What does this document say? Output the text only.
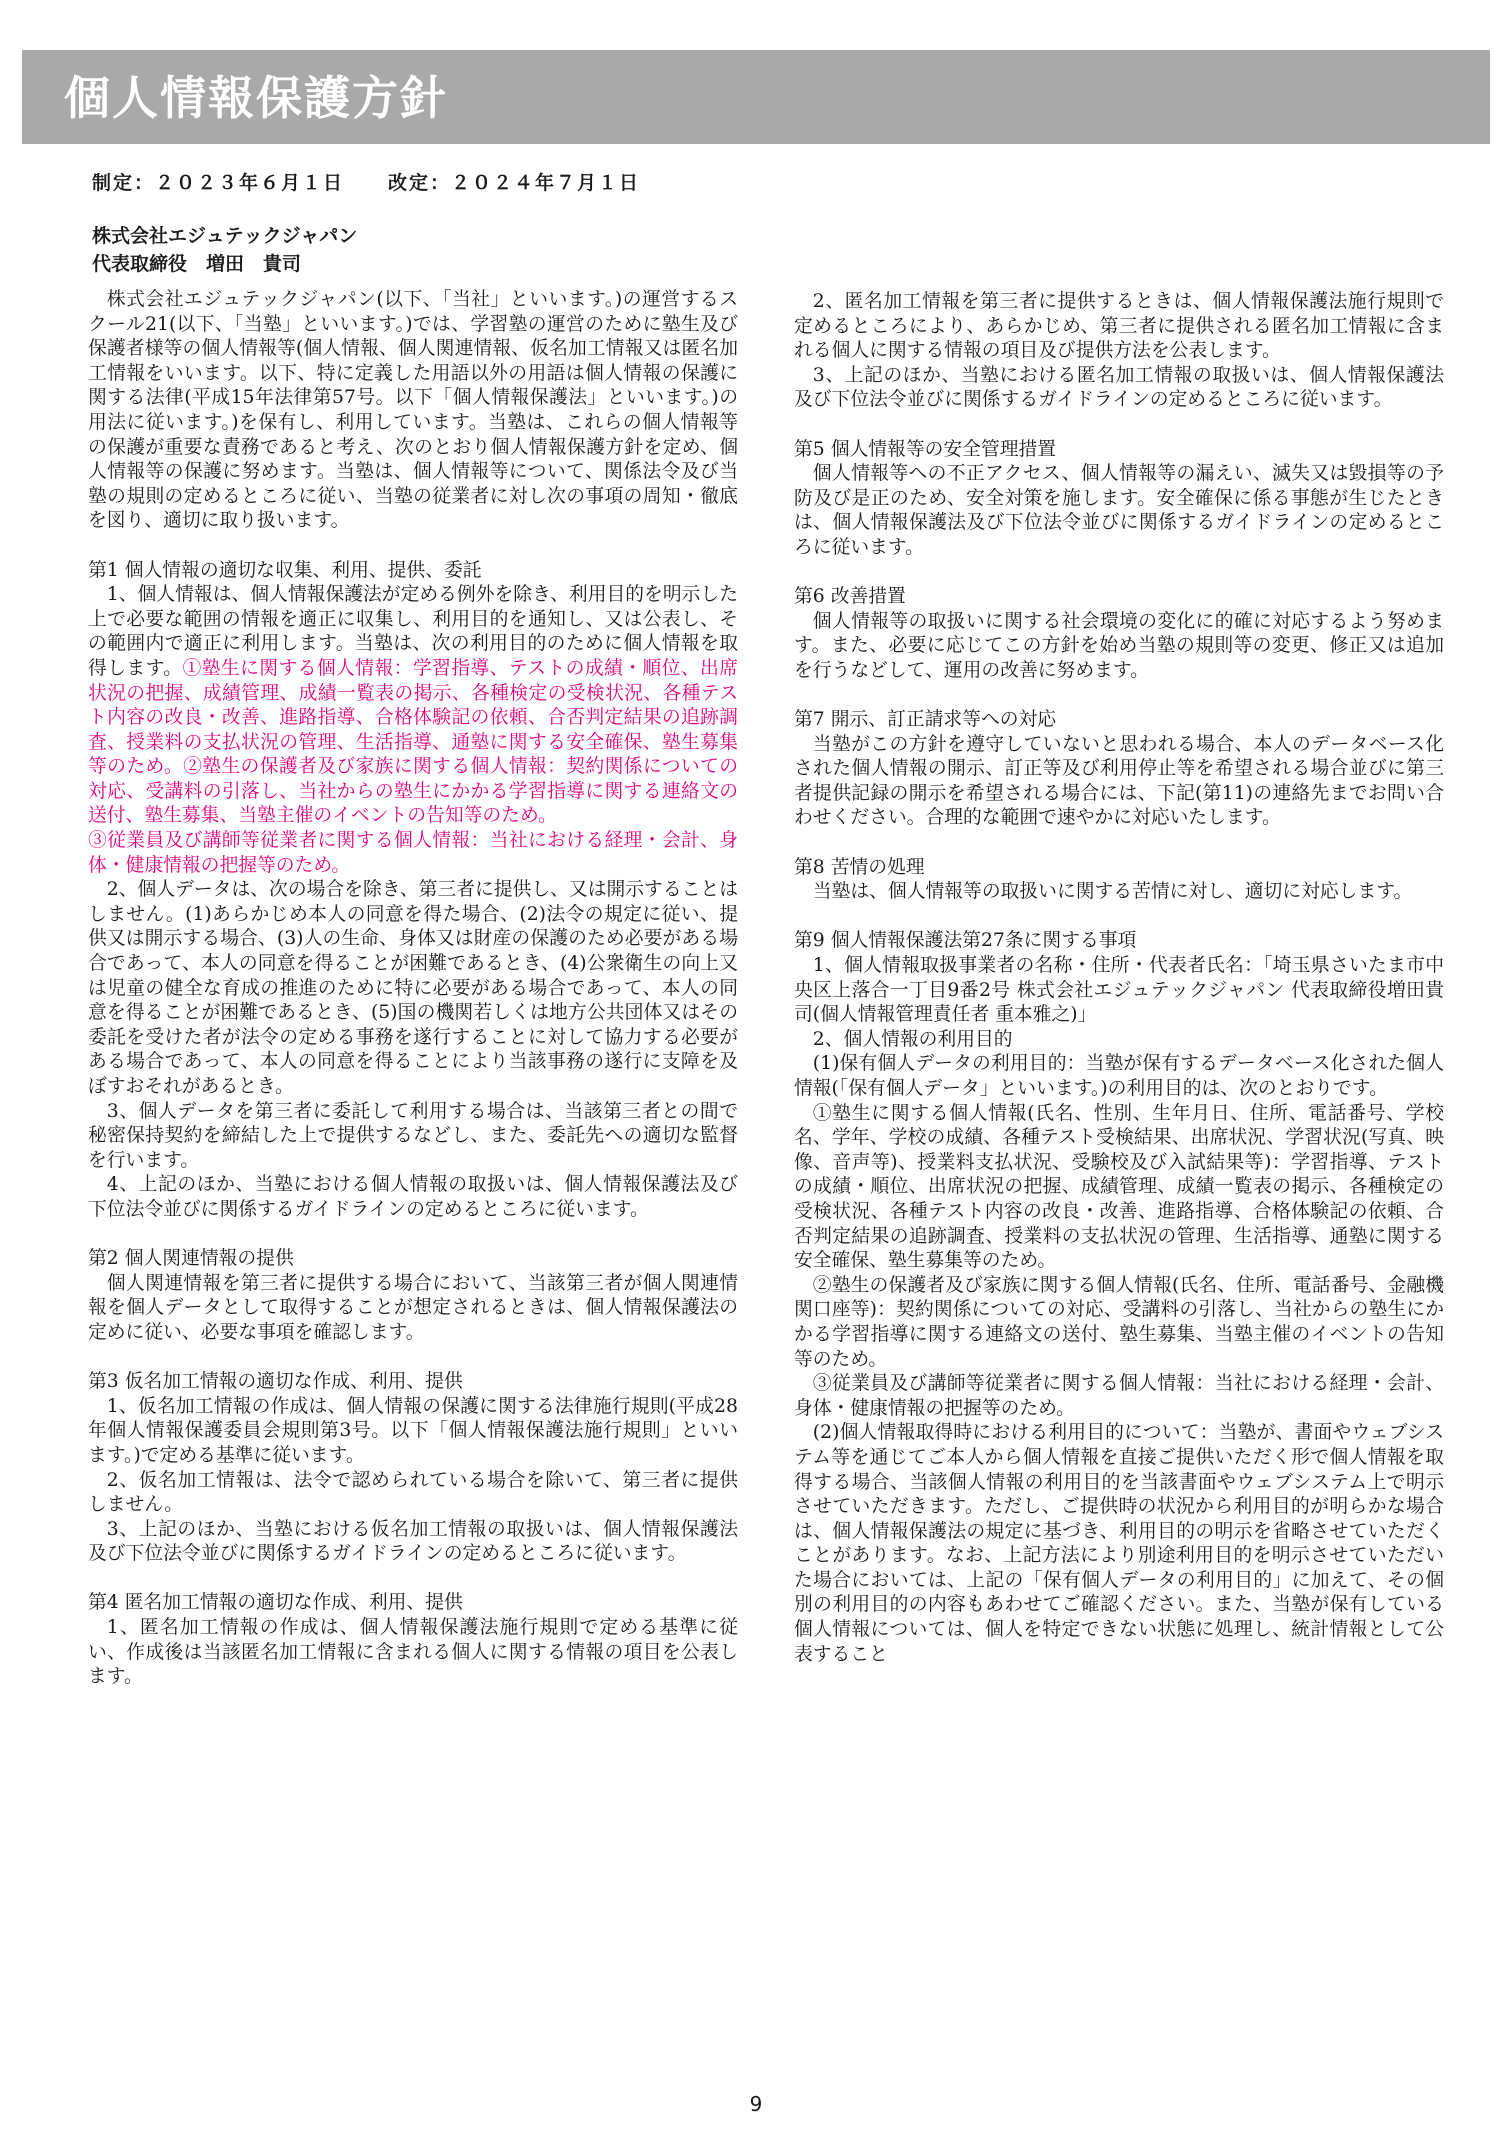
個人情報保護方針
制定：２０２３年６月１日 改定：２０２４年７月１日
株式会社エジュテックジャパン
代表取締役　増田　貴司

株式会社エジュテックジャパン(以下、「当社」といいます。)の運営するスクール21(以下、「当塾」といいます。)では、学習塾の運営のために塾生及び保護者様等の個人情報等(個人情報、個人関連情報、仮名加工情報又は匿名加工情報をいいます。以下、特に定義した用語以外の用語は個人情報の保護に関する法律(平成15年法律第57号。以下「個人情報保護法」といいます。)の用法に従います。)を保有し、利用しています。当塾は、これらの個人情報等の保護が重要な責務であると考え、次のとおり個人情報保護方針を定め、個人情報等の保護に努めます。当塾は、個人情報等について、関係法令及び当塾の規則の定めるところに従い、当塾の従業者に対し次の事項の周知・徹底を図り、適切に取り扱います。

第1 個人情報の適切な収集、利用、提供、委託

1、個人情報は、個人情報保護法が定める例外を除き、利用目的を明示した上で必要な範囲の情報を適正に収集し、利用目的を通知し、又は公表し、その範囲内で適正に利用します。当塾は、次の利用目的のために個人情報を取得します。①塾生に関する個人情報：学習指導、テストの成績・順位、出席状況の把握、成績管理、成績一覧表の掲示、各種検定の受検状況、各種テスト内容の改良・改善、進路指導、合格体験記の依頼、合否判定結果の追跡調査、授業料の支払状況の管理、生活指導、通塾に関する安全確保、塾生募集等のため。②塾生の保護者及び家族に関する個人情報：契約関係についての対応、受講料の引落し、当社からの塾生にかかる学習指導に関する連絡文の送付、塾生募集、当塾主催のイベントの告知等のため。

③従業員及び講師等従業者に関する個人情報：当社における経理・会計、身体・健康情報の把握等のため。

2、個人データは、次の場合を除き、第三者に提供し、又は開示することはしません。(1)あらかじめ本人の同意を得た場合、(2)法令の規定に従い、提供又は開示する場合、(3)人の生命、身体又は財産の保護のため必要がある場合であって、本人の同意を得ることが困難であるとき、(4)公衆衛生の向上又は児童の健全な育成の推進のために特に必要がある場合であって、本人の同意を得ることが困難であるとき、(5)国の機関若しくは地方公共団体又はその委託を受けた者が法令の定める事務を遂行することに対して協力する必要がある場合であって、本人の同意を得ることにより当該事務の遂行に支障を及ぼすおそれがあるとき。

3、個人データを第三者に委託して利用する場合は、当該第三者との間で秘密保持契約を締結した上で提供するなどし、また、委託先への適切な監督を行います。

4、上記のほか、当塾における個人情報の取扱いは、個人情報保護法及び下位法令並びに関係するガイドラインの定めるところに従います。

第2 個人関連情報の提供

個人関連情報を第三者に提供する場合において、当該第三者が個人関連情報を個人データとして取得することが想定されるときは、個人情報保護法の定めに従い、必要な事項を確認します。

第3 仮名加工情報の適切な作成、利用、提供

1、仮名加工情報の作成は、個人情報の保護に関する法律施行規則(平成28年個人情報保護委員会規則第3号。以下「個人情報保護法施行規則」といいます。)で定める基準に従います。

2、仮名加工情報は、法令で認められている場合を除いて、第三者に提供しません。

3、上記のほか、当塾における仮名加工情報の取扱いは、個人情報保護法及び下位法令並びに関係するガイドラインの定めるところに従います。

第4 匿名加工情報の適切な作成、利用、提供

1、匿名加工情報の作成は、個人情報保護法施行規則で定める基準に従い、作成後は当該匿名加工情報に含まれる個人に関する情報の項目を公表します。

2、匿名加工情報を第三者に提供するときは、個人情報保護法施行規則で定めるところにより、あらかじめ、第三者に提供される匿名加工情報に含まれる個人に関する情報の項目及び提供方法を公表します。

3、上記のほか、当塾における匿名加工情報の取扱いは、個人情報保護法及び下位法令並びに関係するガイドラインの定めるところに従います。

第5 個人情報等の安全管理措置

個人情報等への不正アクセス、個人情報等の漏えい、滅失又は毀損等の予防及び是正のため、安全対策を施します。安全確保に係る事態が生じたときは、個人情報保護法及び下位法令並びに関係するガイドラインの定めるところに従います。

第6 改善措置

個人情報等の取扱いに関する社会環境の変化に的確に対応するよう努めます。また、必要に応じてこの方針を始め当塾の規則等の変更、修正又は追加を行うなどして、運用の改善に努めます。

第7 開示、訂正請求等への対応

当塾がこの方針を遵守していないと思われる場合、本人のデータベース化された個人情報の開示、訂正等及び利用停止等を希望される場合並びに第三者提供記録の開示を希望される場合には、下記(第11)の連絡先までお問い合わせください。合理的な範囲で速やかに対応いたします。

第8 苦情の処理

当塾は、個人情報等の取扱いに関する苦情に対し、適切に対応します。

第9 個人情報保護法第27条に関する事項

1、個人情報取扱事業者の名称・住所・代表者氏名：「埼玉県さいたま市中央区上落合一丁目9番2号 株式会社エジュテックジャパン 代表取締役増田貴司(個人情報管理責任者 重本雅之)」

2、個人情報の利用目的

(1)保有個人データの利用目的：当塾が保有するデータベース化された個人情報(「保有個人データ」といいます。)の利用目的は、次のとおりです。

①塾生に関する個人情報(氏名、性別、生年月日、住所、電話番号、学校名、学年、学校の成績、各種テスト受検結果、出席状況、学習状況(写真、映像、音声等)、授業料支払状況、受験校及び入試結果等)：学習指導、テストの成績・順位、出席状況の把握、成績管理、成績一覧表の掲示、各種検定の受検状況、各種テスト内容の改良・改善、進路指導、合格体験記の依頼、合否判定結果の追跡調査、授業料の支払状況の管理、生活指導、通塾に関する安全確保、塾生募集等のため。

②塾生の保護者及び家族に関する個人情報(氏名、住所、電話番号、金融機関口座等)：契約関係についての対応、受講料の引落し、当社からの塾生にかかる学習指導に関する連絡文の送付、塾生募集、当塾主催のイベントの告知等のため。

③従業員及び講師等従業者に関する個人情報：当社における経理・会計、身体・健康情報の把握等のため。

(2)個人情報取得時における利用目的について：当塾が、書面やウェブシステム等を通じてご本人から個人情報を直接ご提供いただく形で個人情報を取得する場合、当該個人情報の利用目的を当該書面やウェブシステム上で明示させていただきます。ただし、ご提供時の状況から利用目的が明らかな場合は、個人情報保護法の規定に基づき、利用目的の明示を省略させていただくことがあります。なお、上記方法により別途利用目的を明示させていただいた場合においては、上記の「保有個人データの利用目的」に加えて、その個別の利用目的の内容もあわせてご確認ください。また、当塾が保有している個人情報については、個人を特定できない状態に処理し、統計情報として公表すること

9
